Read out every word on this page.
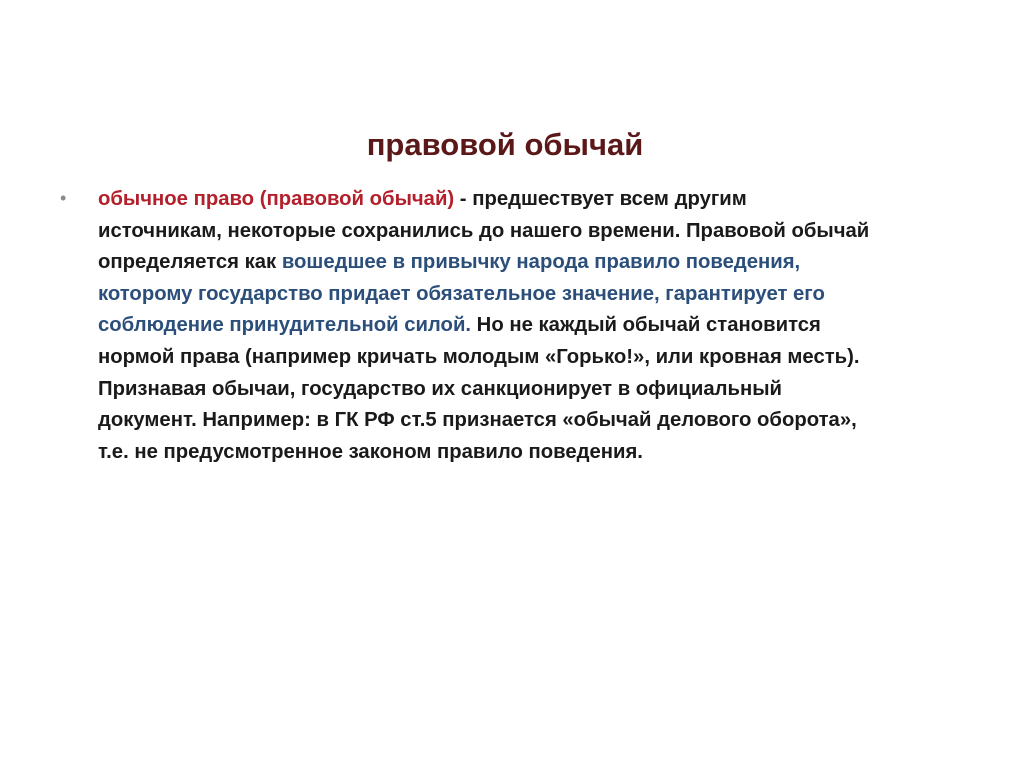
правовой обычай
• обычное право (правовой обычай) - предшествует всем другим
источникам, некоторые сохранились до нашего времени. Правовой обычай
определяется как вошедшее в привычку народа правило поведения,
которому государство придает обязательное значение, гарантирует его
соблюдение принудительной силой. Но не каждый обычай становится
нормой права (например кричать молодым «Горько!», или кровная месть).
Признавая обычаи, государство их санкционирует в официальный
документ. Например: в ГК РФ ст.5 признается «обычай делового оборота»,
т.е. не предусмотренное законом правило поведения.
